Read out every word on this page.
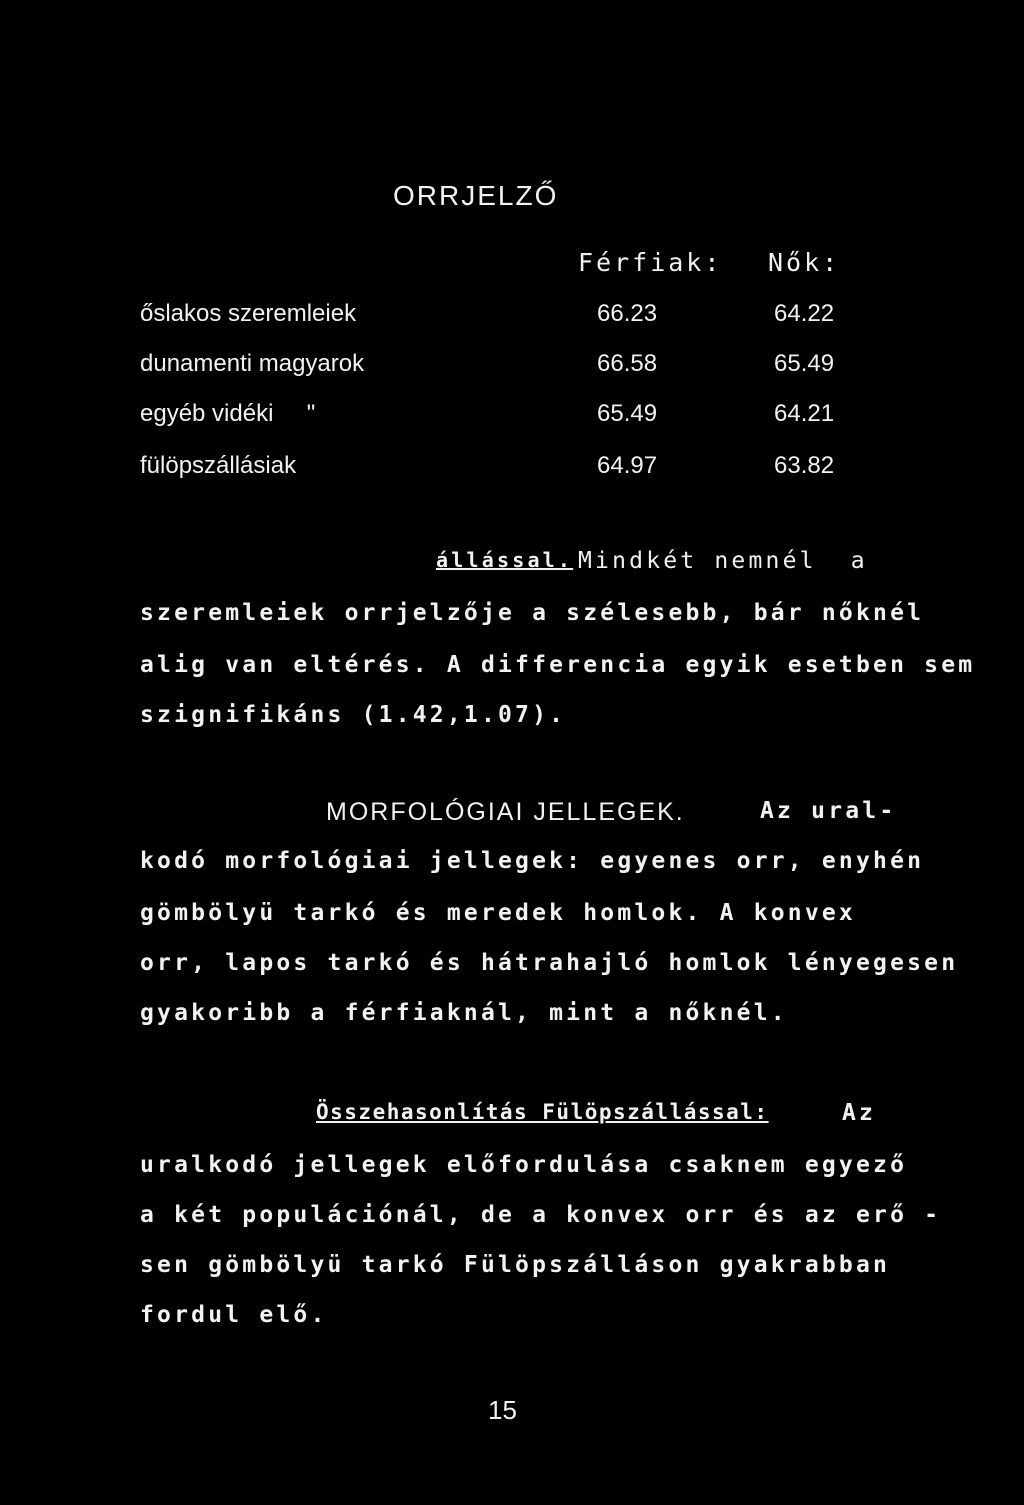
ORRJELZŐ
Férfiak: Nők:
őslakos szeremleiek	66.23	64.22
dunamenti magyarok	66.58	65.49
egyéb vidéki     "	65.49	64.21
fülöpszállásiak	64.97	63.82
állással. Mindkét nemnél  a
szeremleiek orrjelzője a szélesebb, bár nőknél
alig van eltérés. A differencia egyik esetben sem
szignifikáns (1.42,1.07).
MORFOLÓGIAI JELLEGEK.	Az ural-
kodó morfológiai jellegek: egyenes orr, enyhén
gömbölyü tarkó és meredek homlok. A konvex
orr, lapos tarkó és hátrahajló homlok lényegesen
gyakoribb a férfiaknál, mint a nőknél.
Összehasonlítás Fülöpszállással:	Az
uralkodó jellegek előfordulása csaknem egyező
a két populációnál, de a konvex orr és az erő -
sen gömbölyü tarkó Fülöpszálláson gyakrabban
fordul elő.
15
